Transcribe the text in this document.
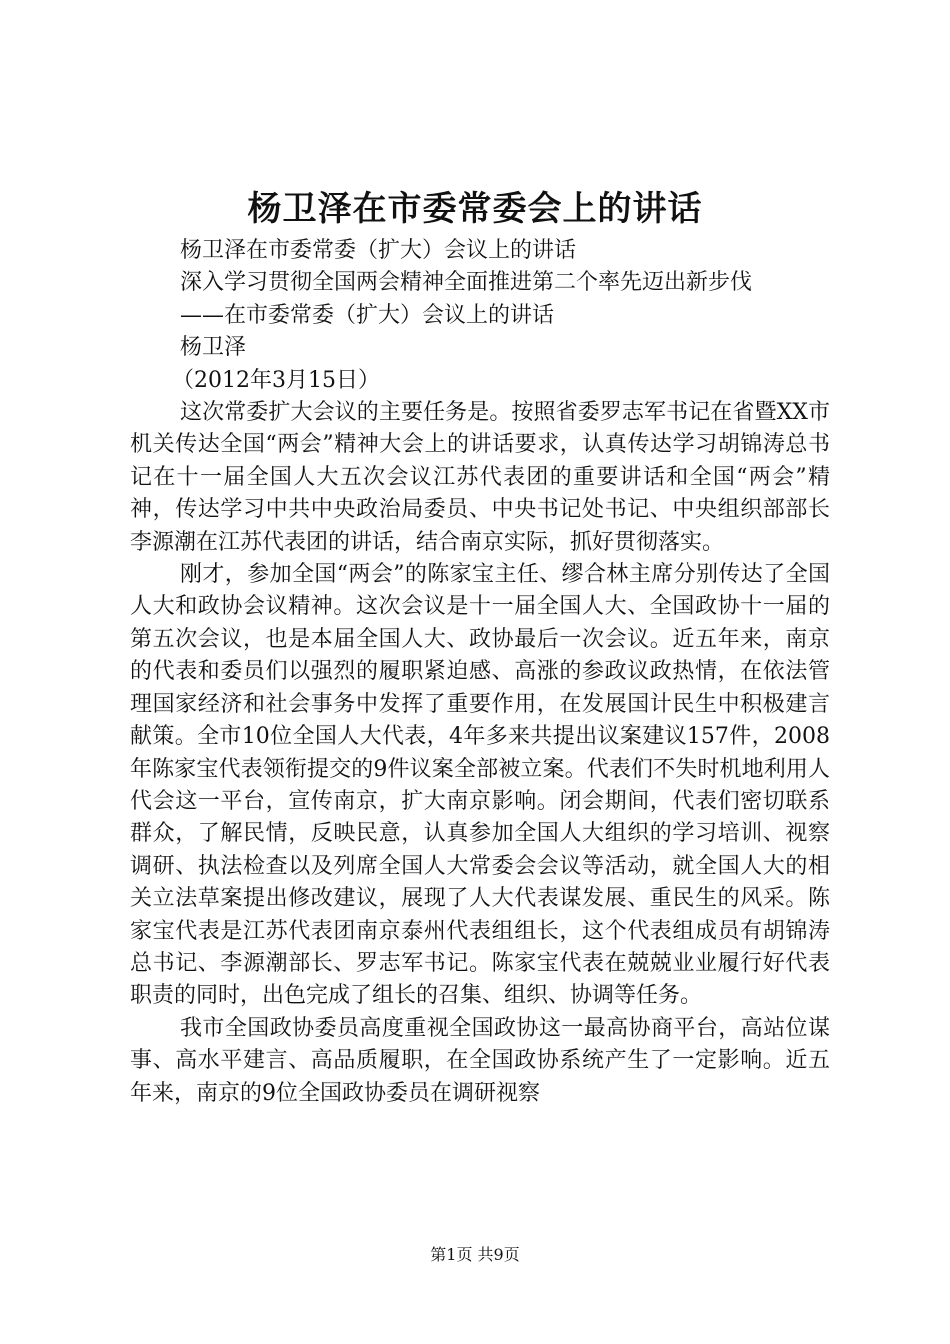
杨卫泽在市委常委会上的讲话

杨卫泽在市委常委（扩大）会议上的讲话

深入学习贯彻全国两会精神全面推进第二个率先迈出新步伐

——在市委常委（扩大）会议上的讲话

杨卫泽

（2012年3月15日）

这次常委扩大会议的主要任务是。按照省委罗志军书记在省暨XX市机关传达全国“两会”精神大会上的讲话要求，认真传达学习胡锦涛总书记在十一届全国人大五次会议江苏代表团的重要讲话和全国“两会”精神，传达学习中共中央政治局委员、中央书记处书记、中央组织部部长李源潮在江苏代表团的讲话，结合南京实际，抓好贯彻落实。

刚才，参加全国“两会”的陈家宝主任、缪合林主席分别传达了全国人大和政协会议精神。这次会议是十一届全国人大、全国政协十一届的第五次会议，也是本届全国人大、政协最后一次会议。近五年来，南京的代表和委员们以强烈的履职紧迫感、高涨的参政议政热情，在依法管理国家经济和社会事务中发挥了重要作用，在发展国计民生中积极建言献策。全市10位全国人大代表，4年多来共提出议案建议157件，2008年陈家宝代表领衔提交的9件议案全部被立案。代表们不失时机地利用人代会这一平台，宣传南京，扩大南京影响。闭会期间，代表们密切联系群众，了解民情，反映民意，认真参加全国人大组织的学习培训、视察调研、执法检查以及列席全国人大常委会会议等活动，就全国人大的相关立法草案提出修改建议，展现了人大代表谋发展、重民生的风采。陈家宝代表是江苏代表团南京泰州代表组组长，这个代表组成员有胡锦涛总书记、李源潮部长、罗志军书记。陈家宝代表在兢兢业业履行好代表职责的同时，出色完成了组长的召集、组织、协调等任务。

我市全国政协委员高度重视全国政协这一最高协商平台，高站位谋事、高水平建言、高品质履职，在全国政协系统产生了一定影响。近五年来，南京的9位全国政协委员在调研视察

第1页 共9页
